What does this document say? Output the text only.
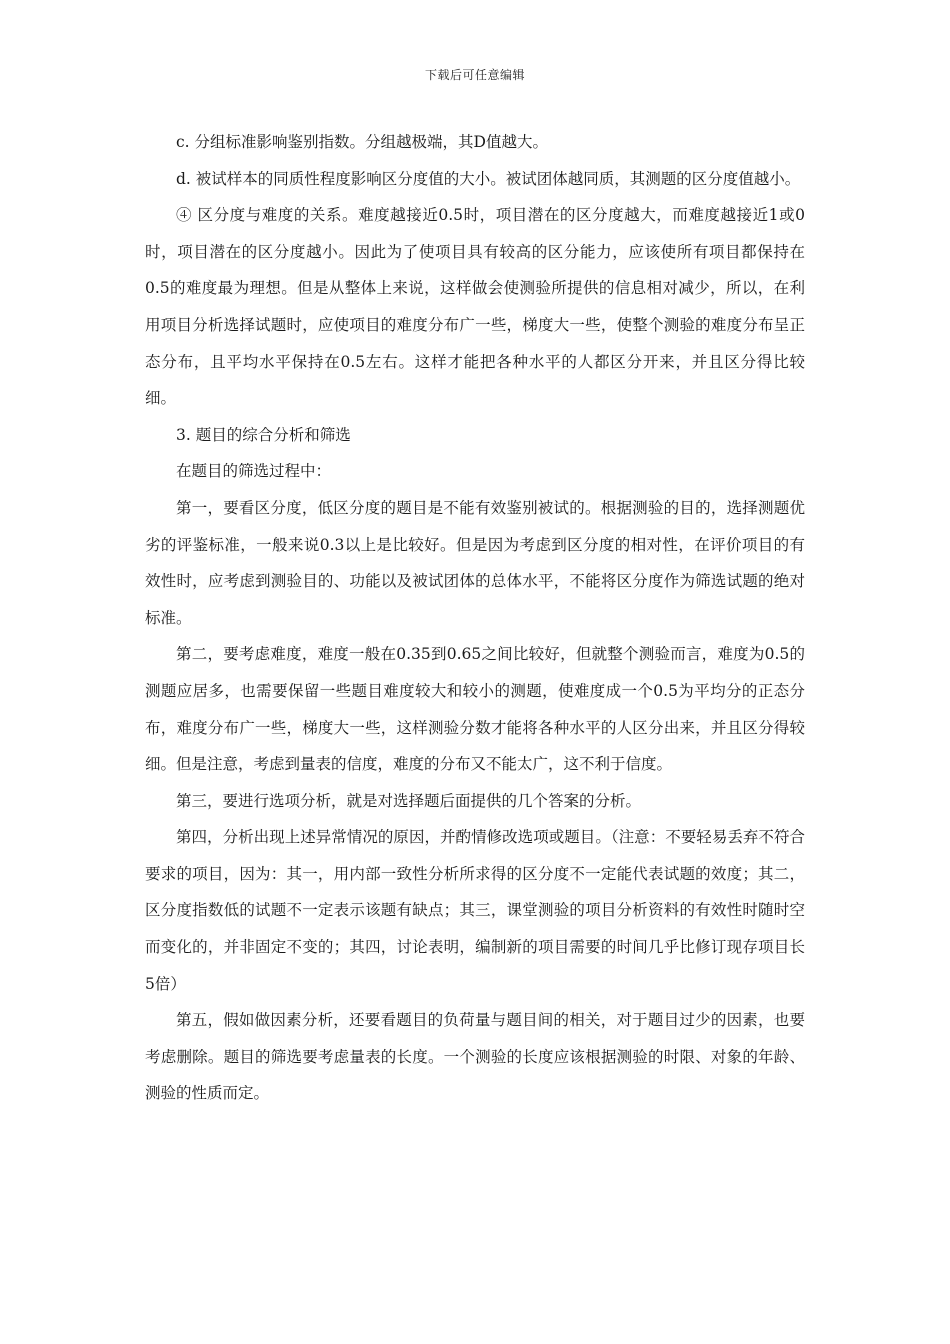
下载后可任意编辑

c. 分组标准影响鉴别指数。分组越极端，其D值越大。

d. 被试样本的同质性程度影响区分度值的大小。被试团体越同质，其测题的区分度值越小。

④ 区分度与难度的关系。难度越接近0.5时，项目潜在的区分度越大，而难度越接近1或0时，项目潜在的区分度越小。因此为了使项目具有较高的区分能力，应该使所有项目都保持在0.5的难度最为理想。但是从整体上来说，这样做会使测验所提供的信息相对减少，所以，在利用项目分析选择试题时，应使项目的难度分布广一些，梯度大一些，使整个测验的难度分布呈正态分布，且平均水平保持在0.5左右。这样才能把各种水平的人都区分开来，并且区分得比较细。

3. 题目的综合分析和筛选

在题目的筛选过程中：

第一，要看区分度，低区分度的题目是不能有效鉴别被试的。根据测验的目的，选择测题优劣的评鉴标准，一般来说0.3以上是比较好。但是因为考虑到区分度的相对性，在评价项目的有效性时，应考虑到测验目的、功能以及被试团体的总体水平，不能将区分度作为筛选试题的绝对标准。

第二，要考虑难度，难度一般在0.35到0.65之间比较好，但就整个测验而言，难度为0.5的测题应居多，也需要保留一些题目难度较大和较小的测题，使难度成一个0.5为平均分的正态分布，难度分布广一些，梯度大一些，这样测验分数才能将各种水平的人区分出来，并且区分得较细。但是注意，考虑到量表的信度，难度的分布又不能太广，这不利于信度。

第三，要进行选项分析，就是对选择题后面提供的几个答案的分析。

第四，分析出现上述异常情况的原因，并酌情修改选项或题目。（注意：不要轻易丢弃不符合要求的项目，因为：其一，用内部一致性分析所求得的区分度不一定能代表试题的效度；其二，区分度指数低的试题不一定表示该题有缺点；其三，课堂测验的项目分析资料的有效性时随时空而变化的，并非固定不变的；其四，讨论表明，编制新的项目需要的时间几乎比修订现存项目长5倍）

第五，假如做因素分析，还要看题目的负荷量与题目间的相关，对于题目过少的因素，也要考虑删除。题目的筛选要考虑量表的长度。一个测验的长度应该根据测验的时限、对象的年龄、测验的性质而定。
